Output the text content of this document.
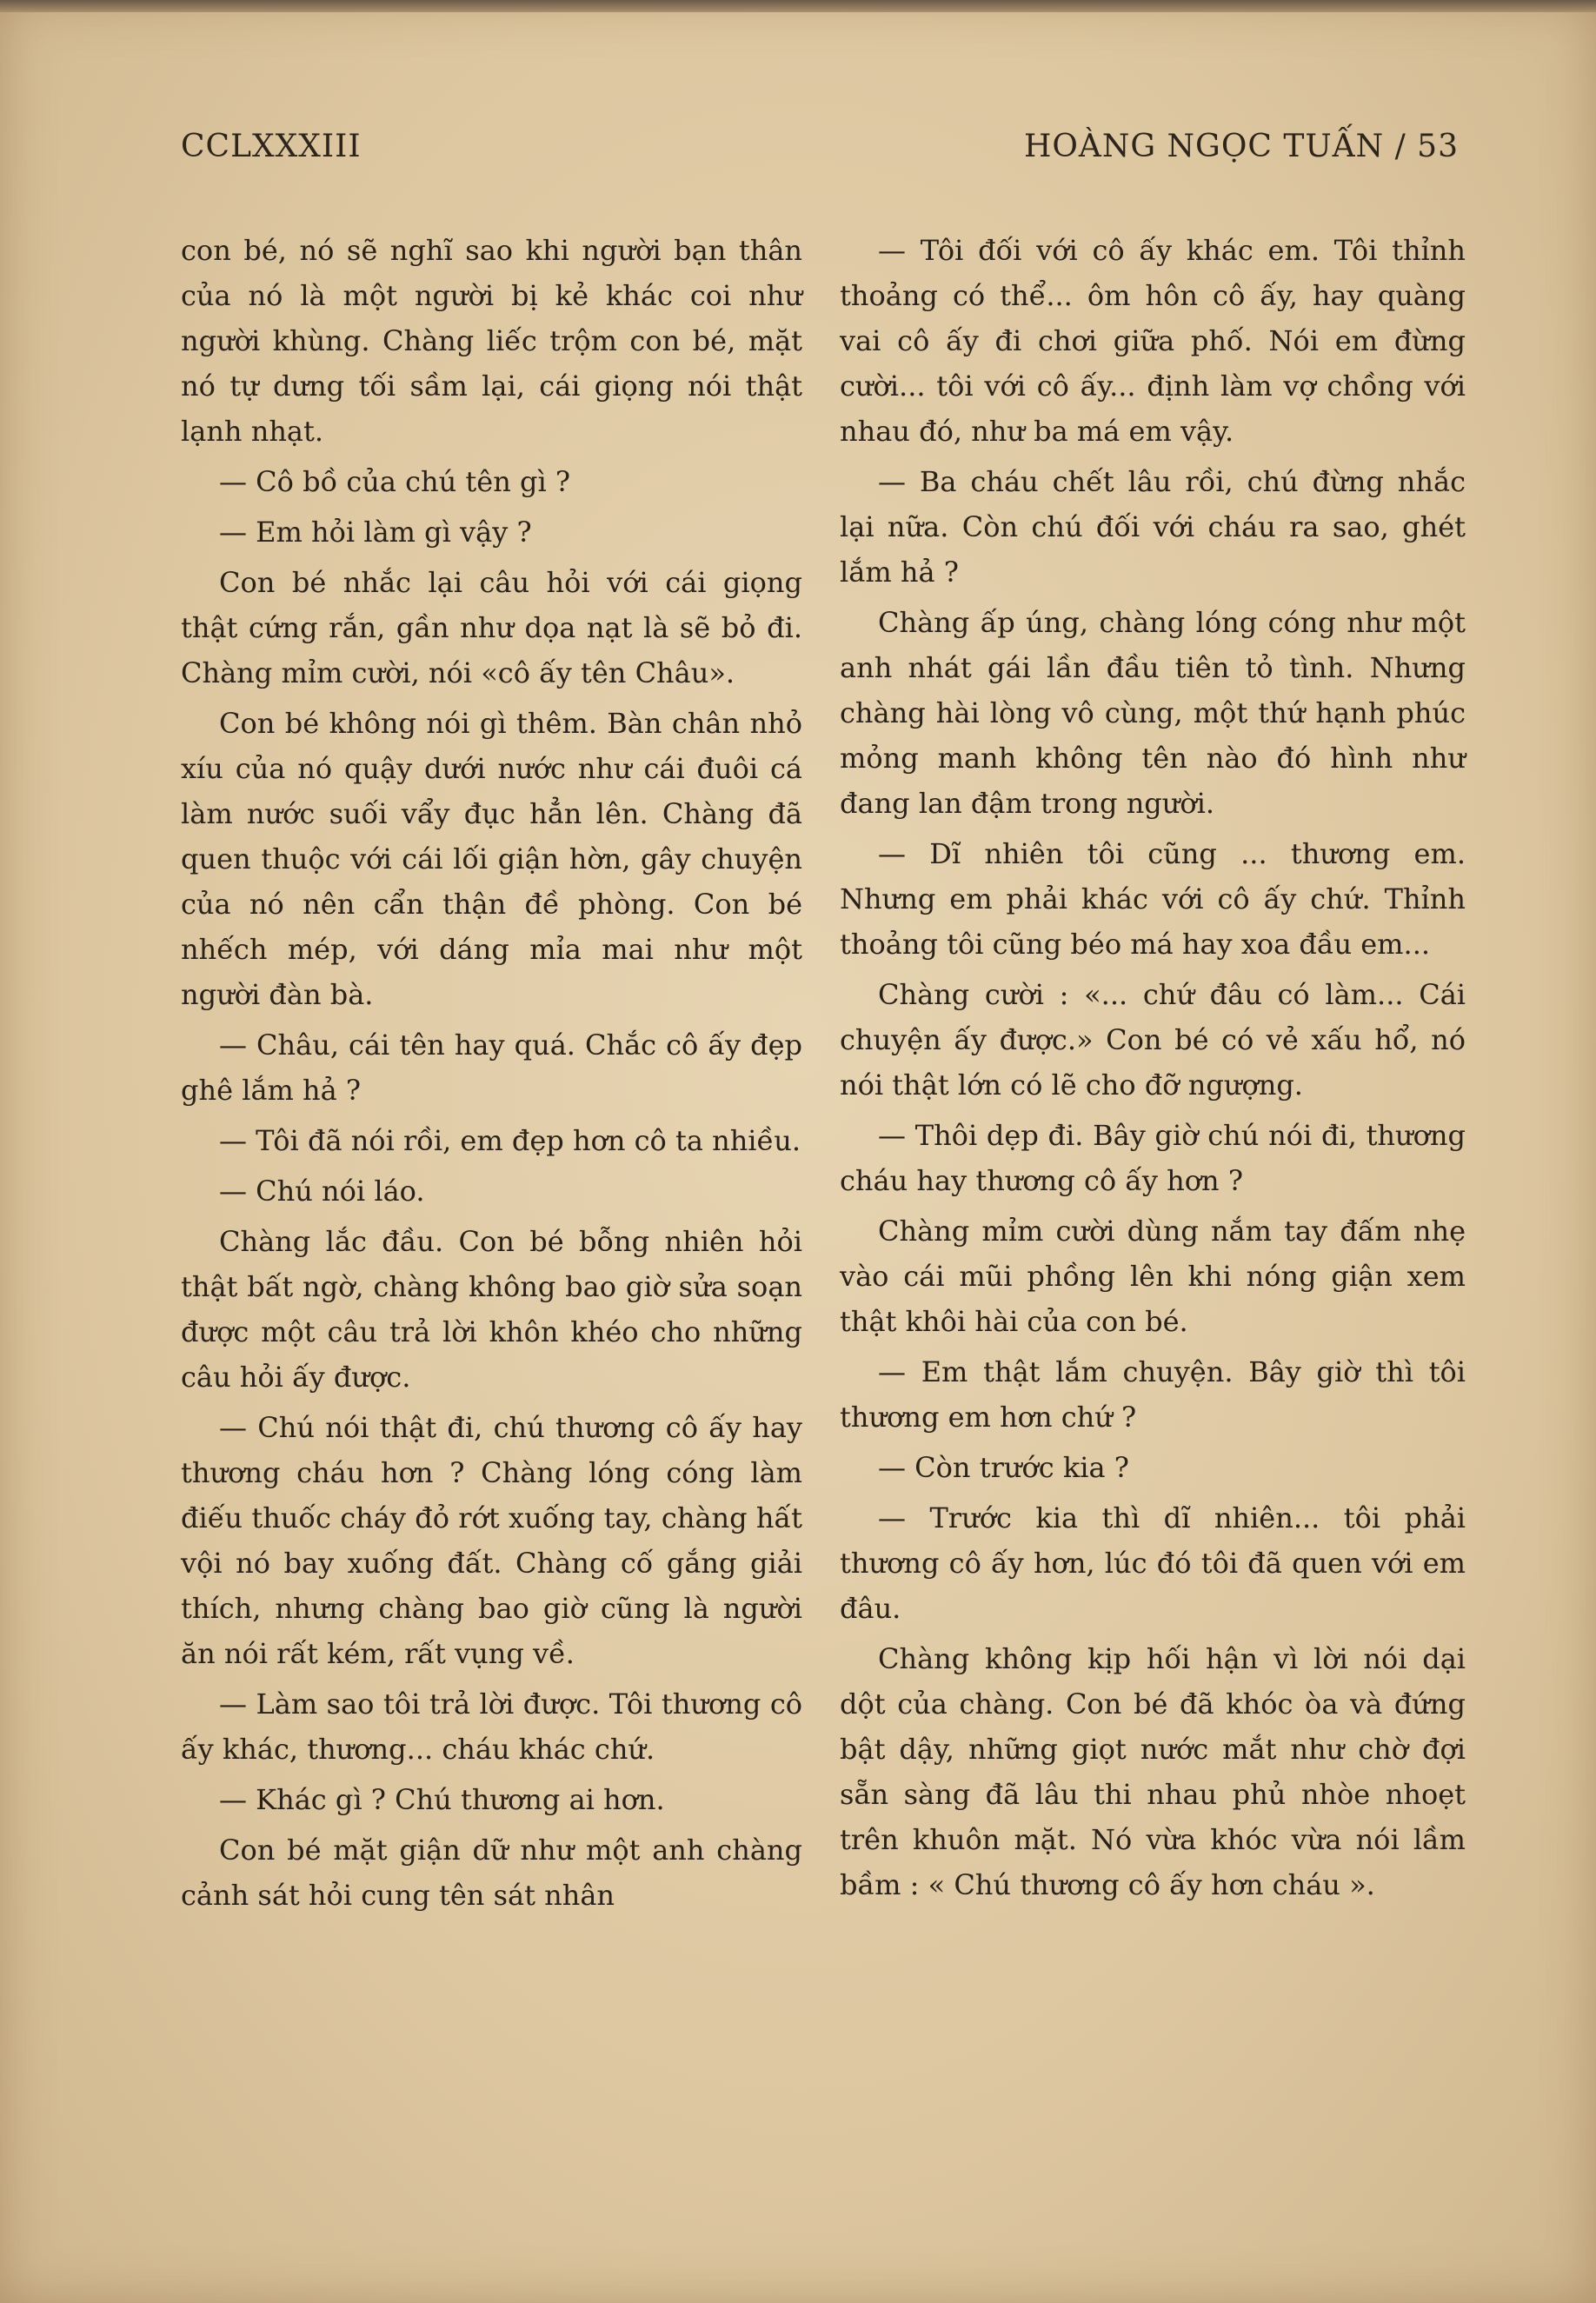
CCLXXXIII	HOÀNG NGỌC TUẤN / 53

con bé, nó sẽ nghĩ sao khi người bạn thân của nó là một người bị kẻ khác coi như người khùng. Chàng liếc trộm con bé, mặt nó tự dưng tối sầm lại, cái giọng nói thật lạnh nhạt.

— Cô bồ của chú tên gì ?

— Em hỏi làm gì vậy ?

Con bé nhắc lại câu hỏi với cái giọng thật cứng rắn, gần như dọa nạt là sẽ bỏ đi. Chàng mỉm cười, nói «cô ấy tên Châu».

Con bé không nói gì thêm. Bàn chân nhỏ xíu của nó quậy dưới nước như cái đuôi cá làm nước suối vẩy đục hẳn lên. Chàng đã quen thuộc với cái lối giận hờn, gây chuyện của nó nên cẩn thận đề phòng. Con bé nhếch mép, với dáng mỉa mai như một người đàn bà.

— Châu, cái tên hay quá. Chắc cô ấy đẹp ghê lắm hả ?

— Tôi đã nói rồi, em đẹp hơn cô ta nhiều.

— Chú nói láo.

Chàng lắc đầu. Con bé bỗng nhiên hỏi thật bất ngờ, chàng không bao giờ sửa soạn được một câu trả lời khôn khéo cho những câu hỏi ấy được.

— Chú nói thật đi, chú thương cô ấy hay thương cháu hơn ? Chàng lóng cóng làm điếu thuốc cháy đỏ rớt xuống tay, chàng hất vội nó bay xuống đất. Chàng cố gắng giải thích, nhưng chàng bao giờ cũng là người ăn nói rất kém, rất vụng về.

— Làm sao tôi trả lời được. Tôi thương cô ấy khác, thương... cháu khác chứ.

— Khác gì ? Chú thương ai hơn.

Con bé mặt giận dữ như một anh chàng cảnh sát hỏi cung tên sát nhân

— Tôi đối với cô ấy khác em. Tôi thỉnh thoảng có thể... ôm hôn cô ấy, hay quàng vai cô ấy đi chơi giữa phố. Nói em đừng cười... tôi với cô ấy... định làm vợ chồng với nhau đó, như ba má em vậy.

— Ba cháu chết lâu rồi, chú đừng nhắc lại nữa. Còn chú đối với cháu ra sao, ghét lắm hả ?

Chàng ấp úng, chàng lóng cóng như một anh nhát gái lần đầu tiên tỏ tình. Nhưng chàng hài lòng vô cùng, một thứ hạnh phúc mỏng manh không tên nào đó hình như đang lan đậm trong người.

— Dĩ nhiên tôi cũng ... thương em. Nhưng em phải khác với cô ấy chứ. Thỉnh thoảng tôi cũng béo má hay xoa đầu em...

Chàng cười : «... chứ đâu có làm... Cái chuyện ấy được.» Con bé có vẻ xấu hổ, nó nói thật lớn có lẽ cho đỡ ngượng.

— Thôi dẹp đi. Bây giờ chú nói đi, thương cháu hay thương cô ấy hơn ?

Chàng mỉm cười dùng nắm tay đấm nhẹ vào cái mũi phồng lên khi nóng giận xem thật khôi hài của con bé.

— Em thật lắm chuyện. Bây giờ thì tôi thương em hơn chứ ?

— Còn trước kia ?

— Trước kia thì dĩ nhiên... tôi phải thương cô ấy hơn, lúc đó tôi đã quen với em đâu.

Chàng không kịp hối hận vì lời nói dại dột của chàng. Con bé đã khóc òa và đứng bật dậy, những giọt nước mắt như chờ đợi sẵn sàng đã lâu thi nhau phủ nhòe nhoẹt trên khuôn mặt. Nó vừa khóc vừa nói lầm bầm : « Chú thương cô ấy hơn cháu ».
